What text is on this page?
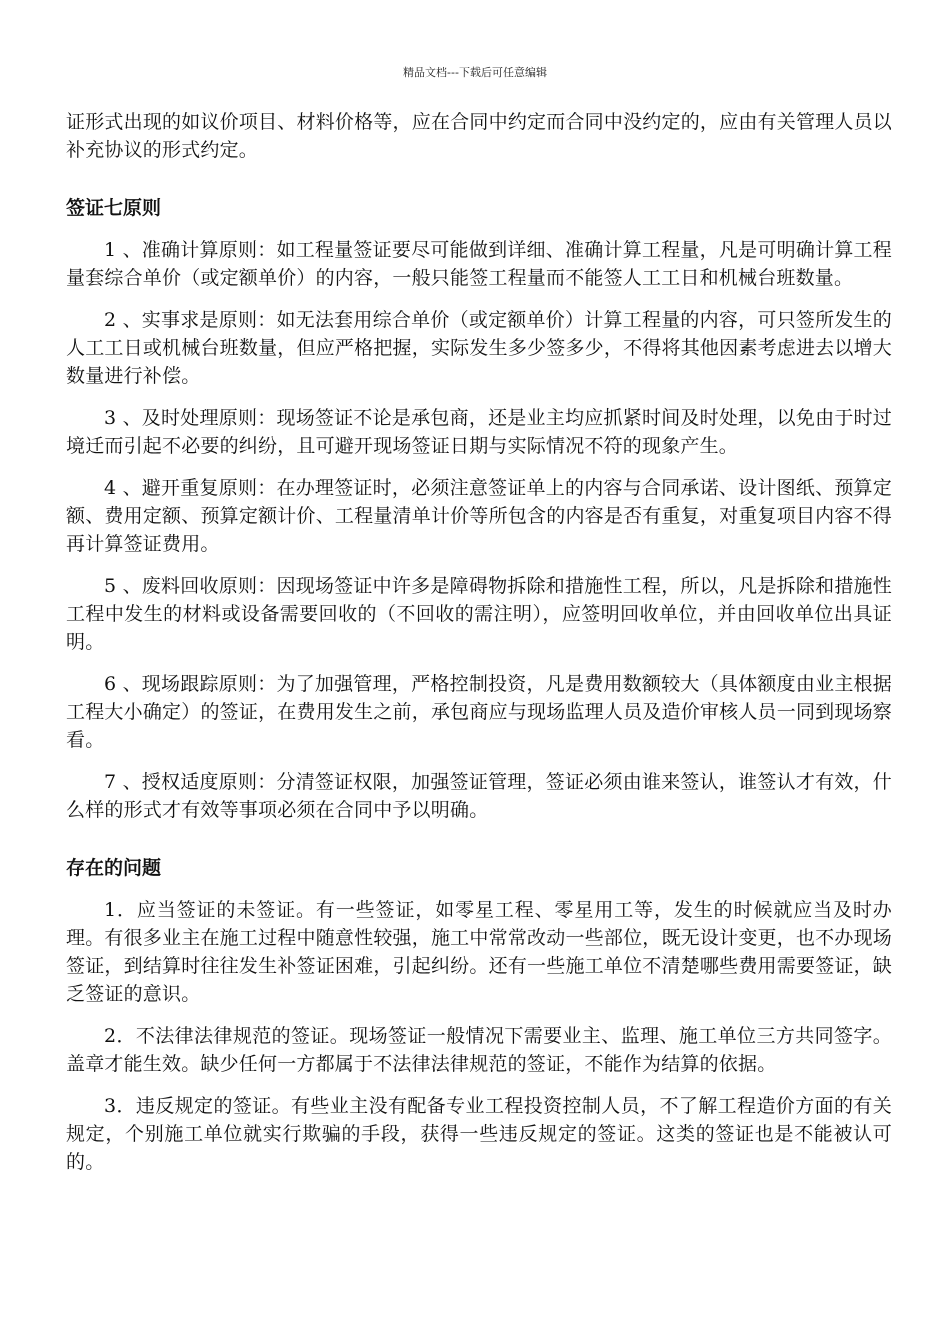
精品文档---下载后可任意编辑

证形式出现的如议价项目、材料价格等，应在合同中约定而合同中没约定的，应由有关管理人员以补充协议的形式约定。

签证七原则

1 、准确计算原则：如工程量签证要尽可能做到详细、准确计算工程量，凡是可明确计算工程量套综合单价（或定额单价）的内容，一般只能签工程量而不能签人工工日和机械台班数量。

2 、实事求是原则：如无法套用综合单价（或定额单价）计算工程量的内容，可只签所发生的人工工日或机械台班数量，但应严格把握，实际发生多少签多少，不得将其他因素考虑进去以增大数量进行补偿。

3 、及时处理原则：现场签证不论是承包商，还是业主均应抓紧时间及时处理，以免由于时过境迁而引起不必要的纠纷，且可避开现场签证日期与实际情况不符的现象产生。

4 、避开重复原则：在办理签证时，必须注意签证单上的内容与合同承诺、设计图纸、预算定额、费用定额、预算定额计价、工程量清单计价等所包含的内容是否有重复，对重复项目内容不得再计算签证费用。

5 、废料回收原则：因现场签证中许多是障碍物拆除和措施性工程，所以，凡是拆除和措施性工程中发生的材料或设备需要回收的（不回收的需注明），应签明回收单位，并由回收单位出具证明。

6 、现场跟踪原则：为了加强管理，严格控制投资，凡是费用数额较大（具体额度由业主根据工程大小确定）的签证，在费用发生之前，承包商应与现场监理人员及造价审核人员一同到现场察看。

7 、授权适度原则：分清签证权限，加强签证管理，签证必须由谁来签认，谁签认才有效，什么样的形式才有效等事项必须在合同中予以明确。

存在的问题

1．应当签证的未签证。有一些签证，如零星工程、零星用工等，发生的时候就应当及时办理。有很多业主在施工过程中随意性较强，施工中常常改动一些部位，既无设计变更，也不办现场签证，到结算时往往发生补签证困难，引起纠纷。还有一些施工单位不清楚哪些费用需要签证，缺乏签证的意识。

2．不法律法律规范的签证。现场签证一般情况下需要业主、监理、施工单位三方共同签字。盖章才能生效。缺少任何一方都属于不法律法律规范的签证，不能作为结算的依据。

3．违反规定的签证。有些业主没有配备专业工程投资控制人员，不了解工程造价方面的有关规定，个别施工单位就实行欺骗的手段，获得一些违反规定的签证。这类的签证也是不能被认可的。
